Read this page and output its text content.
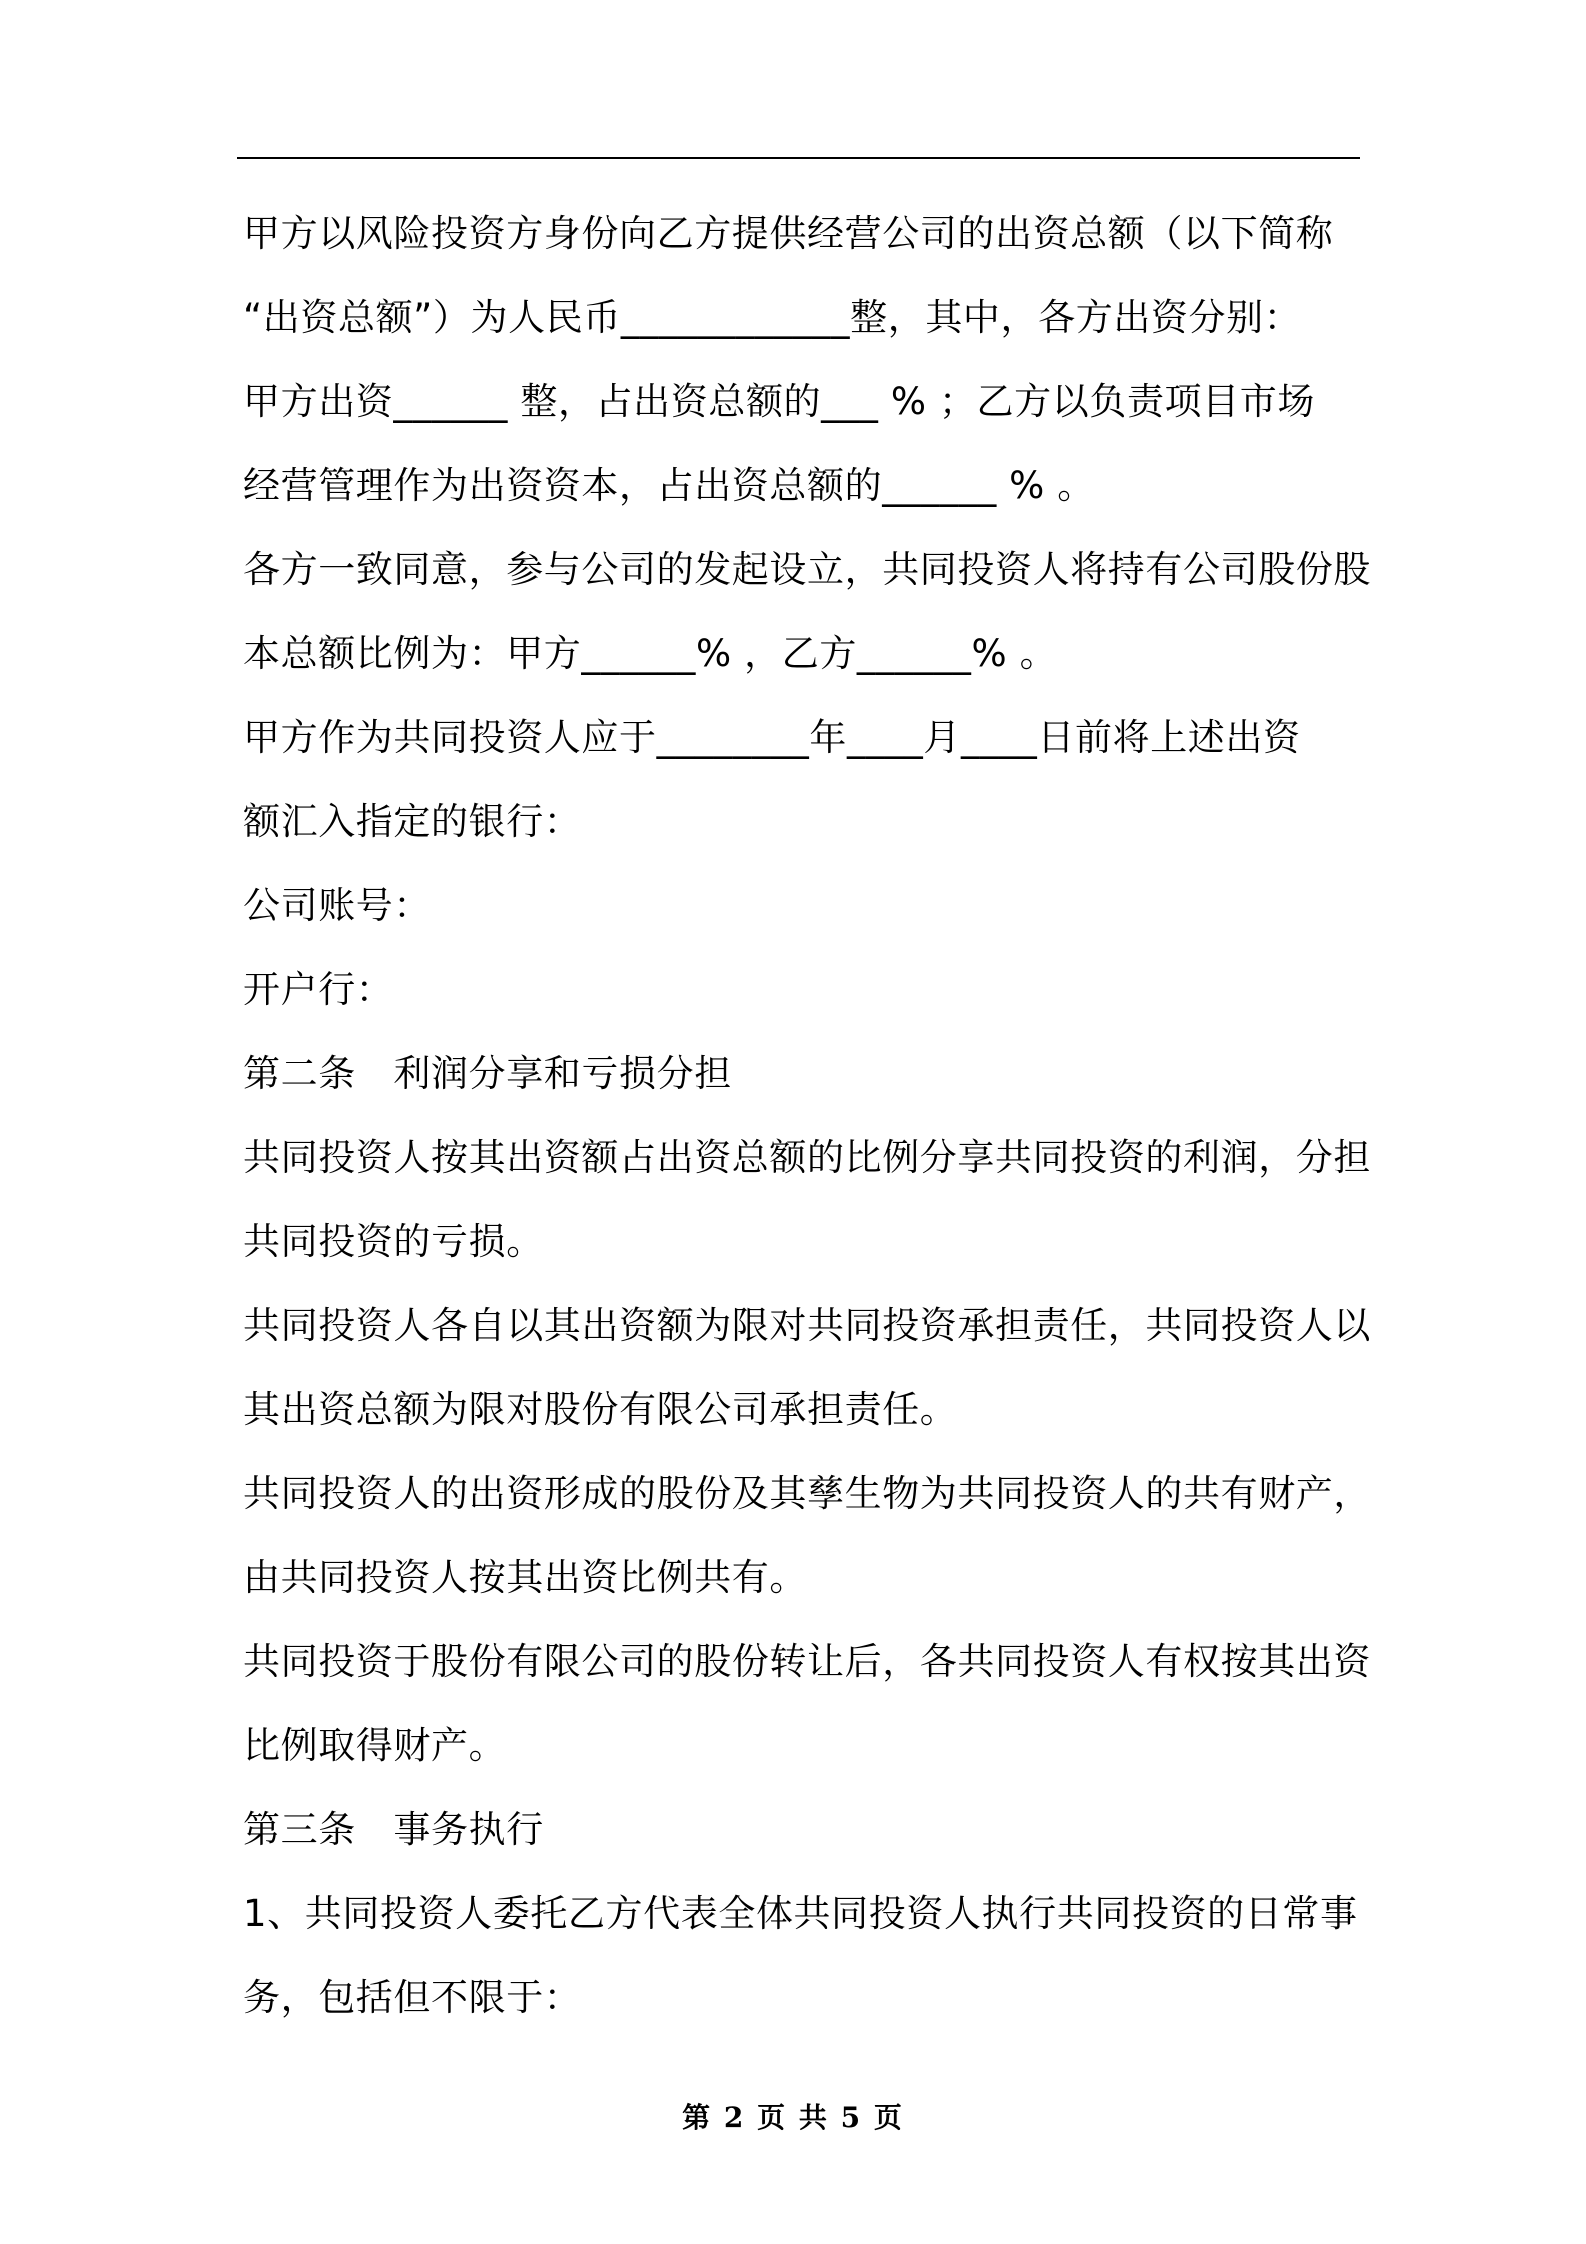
甲方以风险投资方身份向乙方提供经营公司的出资总额（以下简称

“出资总额”）为人民币____________整，其中，各方出资分别：

甲方出资______ 整，占出资总额的___ % ；乙方以负责项目市场

经营管理作为出资资本，占出资总额的______ % 。

各方一致同意，参与公司的发起设立，共同投资人将持有公司股份股

本总额比例为：甲方______% ，乙方______% 。

甲方作为共同投资人应于________年____月____日前将上述出资

额汇入指定的银行：

公司账号：

开户行：

第二条　利润分享和亏损分担

共同投资人按其出资额占出资总额的比例分享共同投资的利润，分担

共同投资的亏损。

共同投资人各自以其出资额为限对共同投资承担责任，共同投资人以

其出资总额为限对股份有限公司承担责任。

共同投资人的出资形成的股份及其孳生物为共同投资人的共有财产，

由共同投资人按其出资比例共有。

共同投资于股份有限公司的股份转让后，各共同投资人有权按其出资

比例取得财产。

第三条　事务执行

1、共同投资人委托乙方代表全体共同投资人执行共同投资的日常事

务，包括但不限于：

第 2 页 共 5 页
